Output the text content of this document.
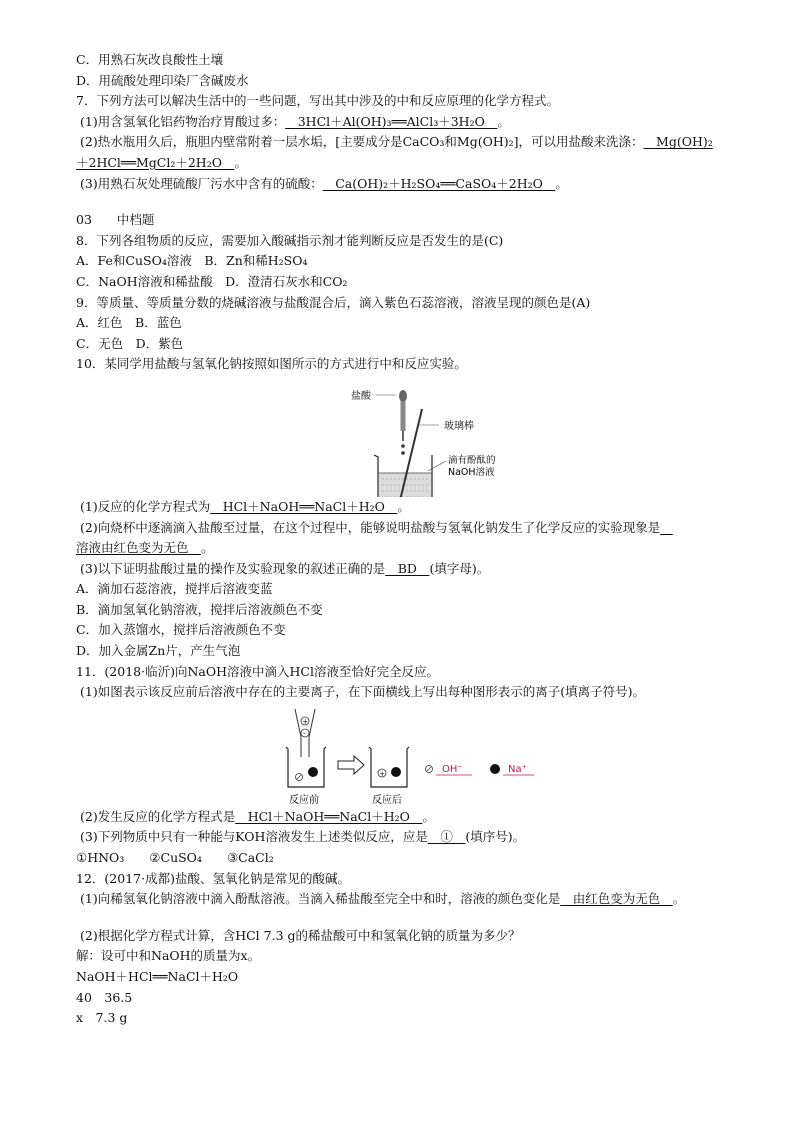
C．用熟石灰改良酸性土壤
D．用硫酸处理印染厂含碱废水
7．下列方法可以解决生活中的一些问题，写出其中涉及的中和反应原理的化学方程式。
(1)用含氢氧化铝药物治疗胃酸过多：__3HCl＋Al(OH)₃══AlCl₃＋3H₂O__。
(2)热水瓶用久后，瓶胆内壁常附着一层水垢，[主要成分是CaCO₃和Mg(OH)₂]，可以用盐酸来洗涤：__Mg(OH)₂
＋2HCl══MgCl₂＋2H₂O__。
(3)用熟石灰处理硫酸厂污水中含有的硫酸：__Ca(OH)₂＋H₂SO₄══CaSO₄＋2H₂O__。
03　　中档题
8．下列各组物质的反应，需要加入酸碱指示剂才能判断反应是否发生的是(C)
A．Fe和CuSO₄溶液　B．Zn和稀H₂SO₄
C．NaOH溶液和稀盐酸　D．澄清石灰水和CO₂
9．等质量、等质量分数的烧碱溶液与盐酸混合后，滴入紫色石蕊溶液，溶液呈现的颜色是(A)
A．红色　B．蓝色
C．无色　D．紫色
10．某同学用盐酸与氢氧化钠按照如图所示的方式进行中和反应实验。
盐酸
玻璃棒
滴有酚酞的
NaOH溶液
(1)反应的化学方程式为__HCl＋NaOH══NaCl＋H₂O__。
(2)向烧杯中逐滴滴入盐酸至过量，在这个过程中，能够说明盐酸与氢氧化钠发生了化学反应的实验现象是__
溶液由红色变为无色__。
(3)以下证明盐酸过量的操作及实验现象的叙述正确的是__BD__(填字母)。
A．滴加石蕊溶液，搅拌后溶液变蓝
B．滴加氢氧化钠溶液，搅拌后溶液颜色不变
C．加入蒸馏水，搅拌后溶液颜色不变
D．加入金属Zn片，产生气泡
11．(2018·临沂)向NaOH溶液中滴入HCl溶液至恰好完全反应。
(1)如图表示该反应前后溶液中存在的主要离子，在下面横线上写出每种图形表示的离子(填离子符号)。
+
-
+
反应前	反应后
OH⁻	Na⁺
(2)发生反应的化学方程式是__HCl＋NaOH══NaCl＋H₂O__。
(3)下列物质中只有一种能与KOH溶液发生上述类似反应，应是__①__(填序号)。
①HNO₃　　②CuSO₄　　③CaCl₂
12．(2017·成都)盐酸、氢氧化钠是常见的酸碱。
(1)向稀氢氧化钠溶液中滴入酚酞溶液。当滴入稀盐酸至完全中和时，溶液的颜色变化是__由红色变为无色__。
(2)根据化学方程式计算，含HCl 7.3 g的稀盐酸可中和氢氧化钠的质量为多少？
解：设可中和NaOH的质量为x。
NaOH＋HCl══NaCl＋H₂O
40　36.5
x　7.3 g
